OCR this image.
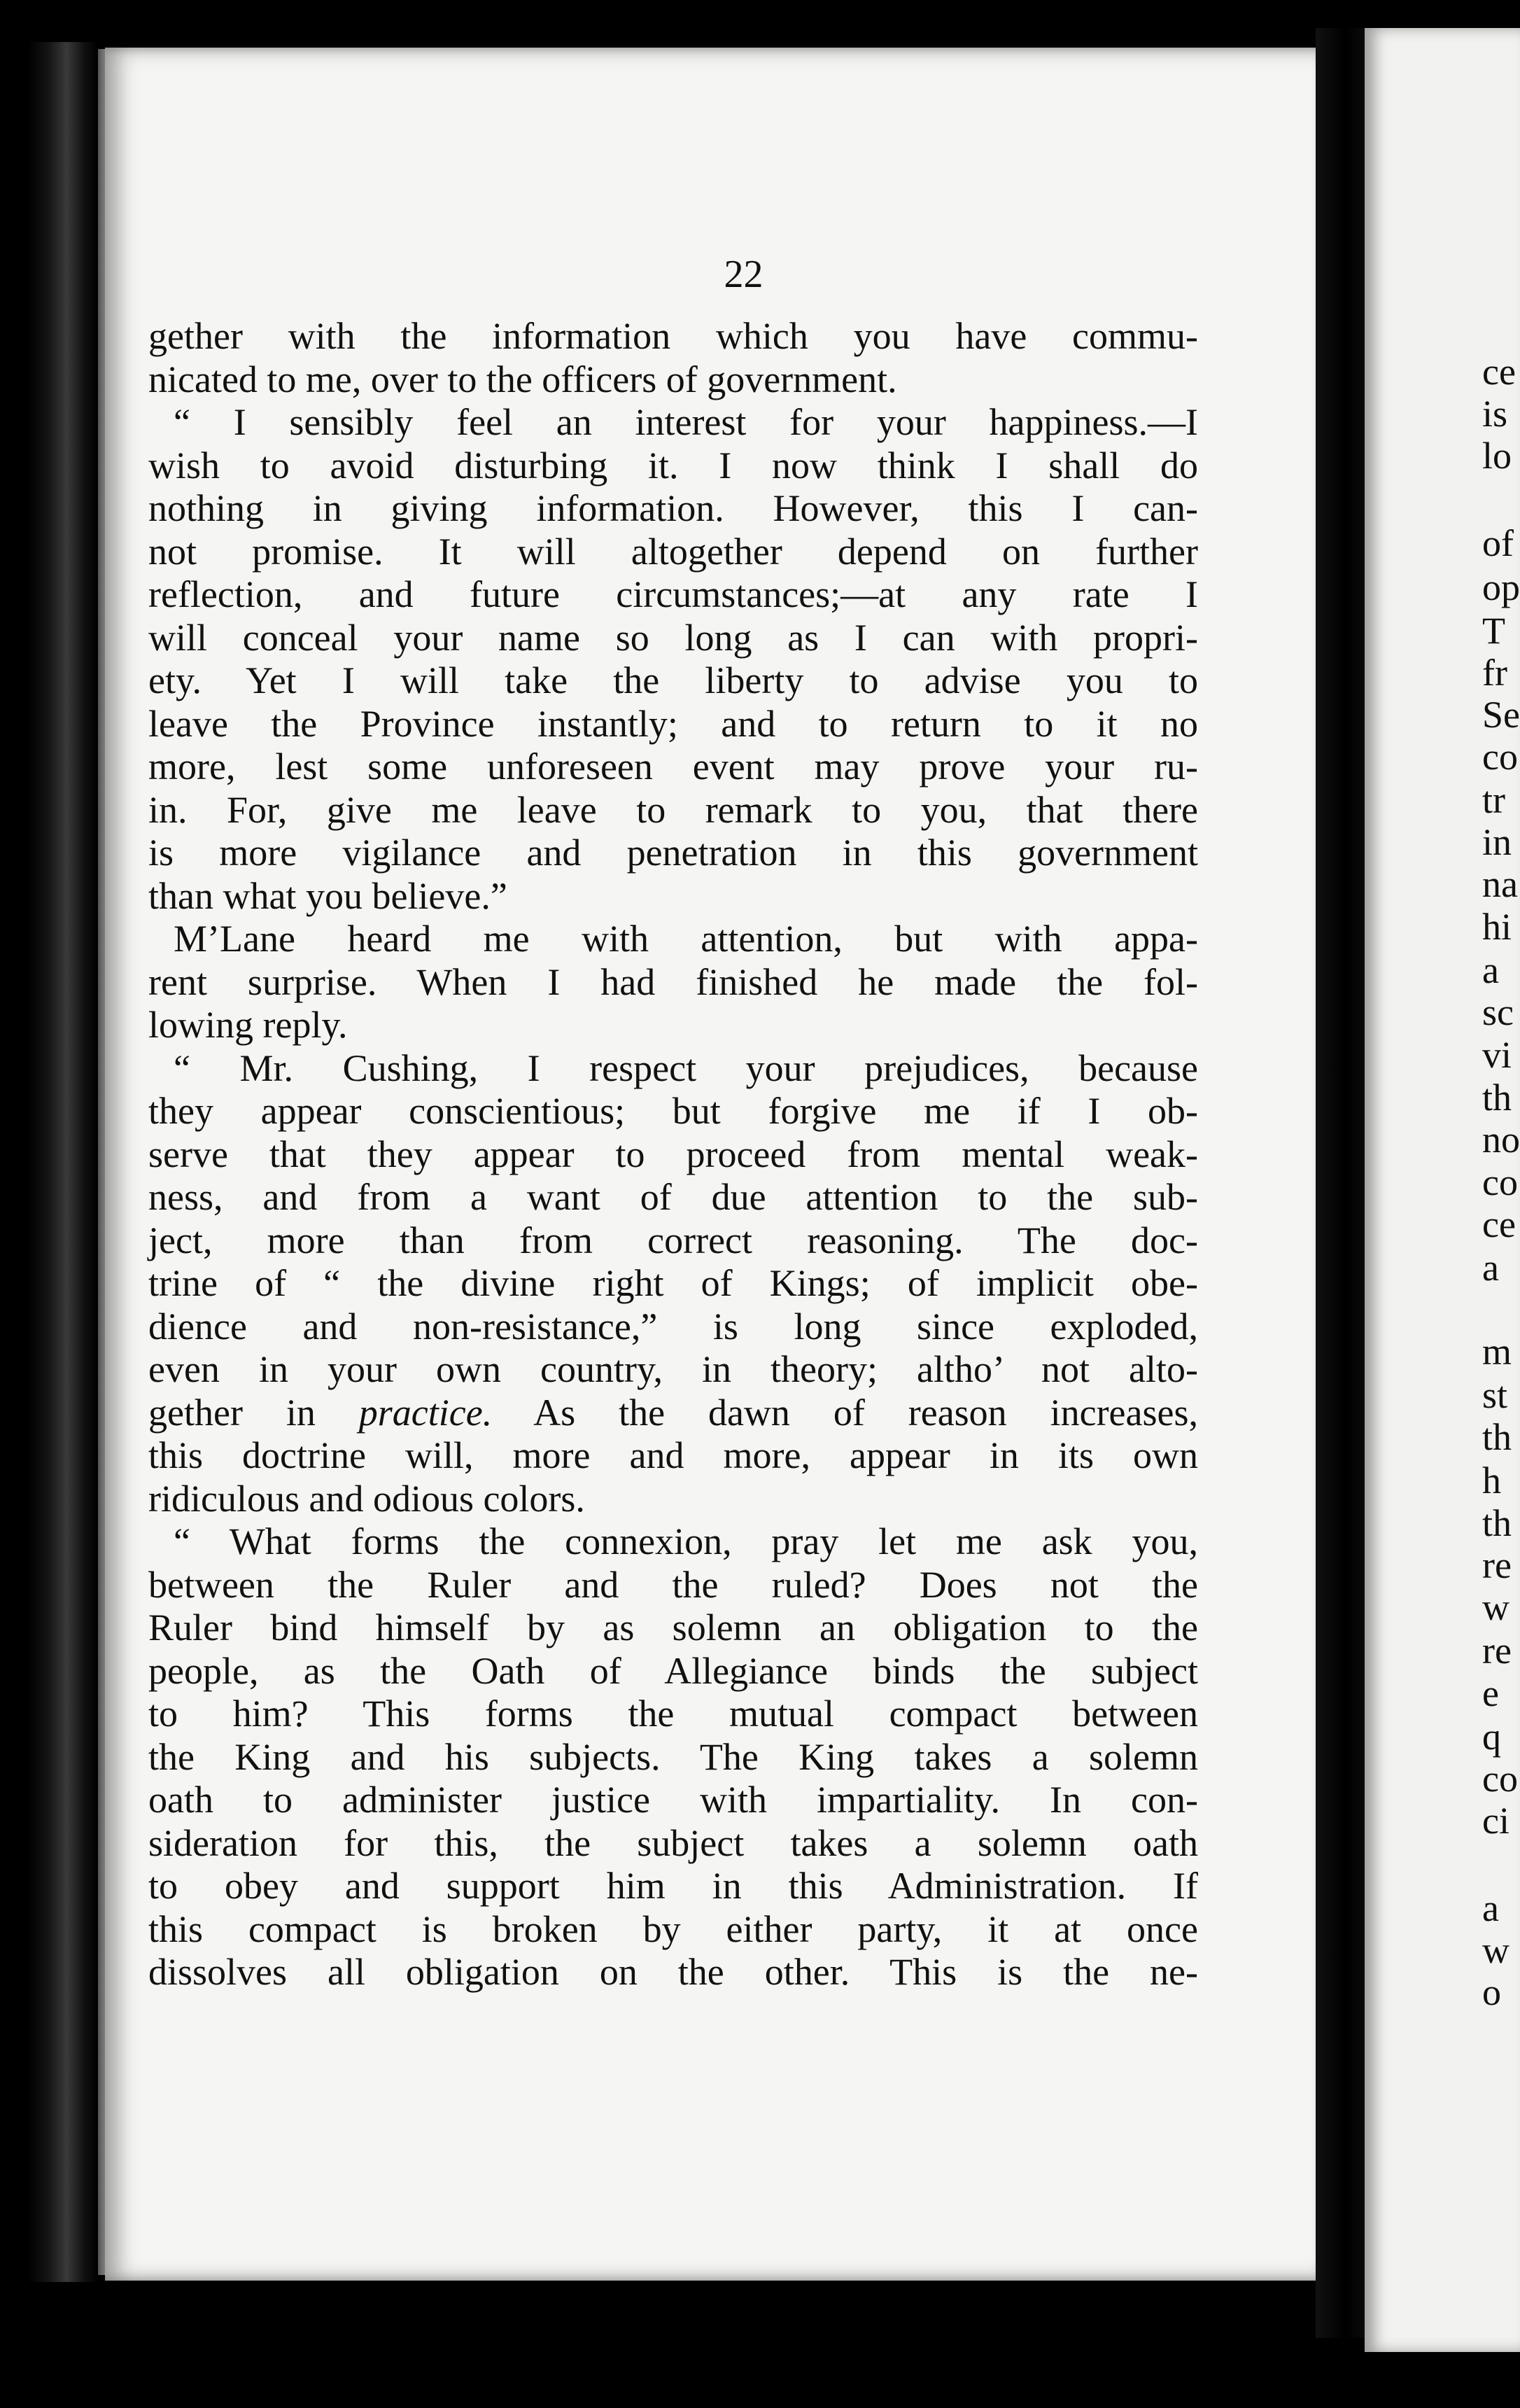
22
gether with the information which you have commu-
nicated to me, over to the officers of government.
“ I sensibly feel an interest for your happiness.—I
wish to avoid disturbing it. I now think I shall do
nothing in giving information. However, this I can-
not promise. It will altogether depend on further
reflection, and future circumstances;—at any rate I
will conceal your name so long as I can with propri-
ety. Yet I will take the liberty to advise you to
leave the Province instantly; and to return to it no
more, lest some unforeseen event may prove your ru-
in. For, give me leave to remark to you, that there
is more vigilance and penetration in this government
than what you believe.”
M’Lane heard me with attention, but with appa-
rent surprise. When I had finished he made the fol-
lowing reply.
“ Mr. Cushing, I respect your prejudices, because
they appear conscientious; but forgive me if I ob-
serve that they appear to proceed from mental weak-
ness, and from a want of due attention to the sub-
ject, more than from correct reasoning. The doc-
trine of “ the divine right of Kings; of implicit obe-
dience and non-resistance,” is long since exploded,
even in your own country, in theory; altho’ not alto-
gether in practice. As the dawn of reason increases,
this doctrine will, more and more, appear in its own
ridiculous and odious colors.
“ What forms the connexion, pray let me ask you,
between the Ruler and the ruled? Does not the
Ruler bind himself by as solemn an obligation to the
people, as the Oath of Allegiance binds the subject
to him? This forms the mutual compact between
the King and his subjects. The King takes a solemn
oath to administer justice with impartiality. In con-
sideration for this, the subject takes a solemn oath
to obey and support him in this Administration. If
this compact is broken by either party, it at once
dissolves all obligation on the other. This is the ne-
ce
is
lo
of
op
T
fr
Se
co
tr
in
na
hi
a
sc
vi
th
no
co
ce
a
m
st
th
h
th
re
w
re
e
q
co
ci
a
w
o
